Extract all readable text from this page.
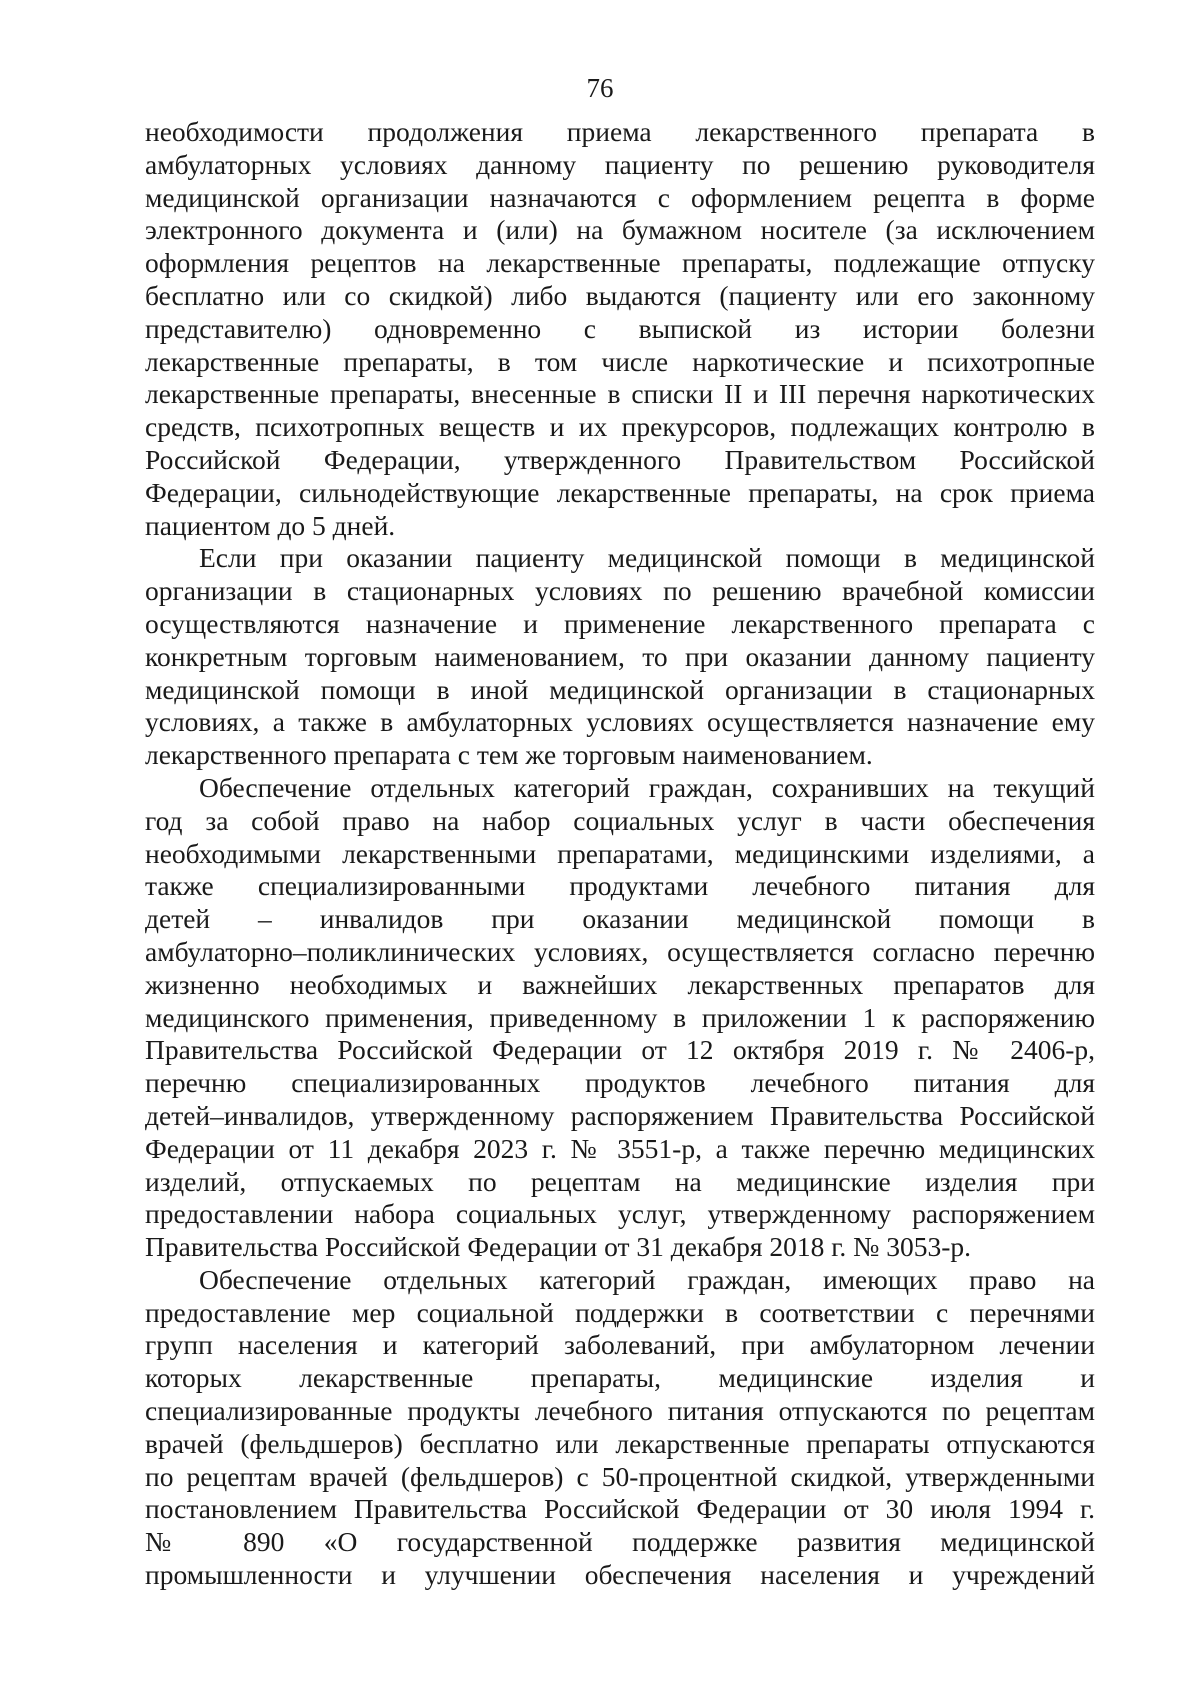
76
необходимости продолжения приема лекарственного препарата в
амбулаторных условиях данному пациенту по решению руководителя
медицинской организации назначаются с оформлением рецепта в форме
электронного документа и (или) на бумажном носителе (за исключением
оформления рецептов на лекарственные препараты, подлежащие отпуску
бесплатно или со скидкой) либо выдаются (пациенту или его законному
представителю) одновременно с выпиской из истории болезни
лекарственные препараты, в том числе наркотические и психотропные
лекарственные препараты, внесенные в списки II и III перечня наркотических
средств, психотропных веществ и их прекурсоров, подлежащих контролю в
Российской Федерации, утвержденного Правительством Российской
Федерации, сильнодействующие лекарственные препараты, на срок приема
пациентом до 5 дней.
Если при оказании пациенту медицинской помощи в медицинской
организации в стационарных условиях по решению врачебной комиссии
осуществляются назначение и применение лекарственного препарата с
конкретным торговым наименованием, то при оказании данному пациенту
медицинской помощи в иной медицинской организации в стационарных
условиях, а также в амбулаторных условиях осуществляется назначение ему
лекарственного препарата с тем же торговым наименованием.
Обеспечение отдельных категорий граждан, сохранивших на текущий
год за собой право на набор социальных услуг в части обеспечения
необходимыми лекарственными препаратами, медицинскими изделиями, а
также специализированными продуктами лечебного питания для
детей – инвалидов при оказании медицинской помощи в
амбулаторно–поликлинических условиях, осуществляется согласно перечню
жизненно необходимых и важнейших лекарственных препаратов для
медицинского применения, приведенному в приложении 1 к распоряжению
Правительства Российской Федерации от 12 октября 2019 г. № 2406-р,
перечню специализированных продуктов лечебного питания для
детей–инвалидов, утвержденному распоряжением Правительства Российской
Федерации от 11 декабря 2023 г. № 3551-р, а также перечню медицинских
изделий, отпускаемых по рецептам на медицинские изделия при
предоставлении набора социальных услуг, утвержденному распоряжением
Правительства Российской Федерации от 31 декабря 2018 г. № 3053-р.
Обеспечение отдельных категорий граждан, имеющих право на
предоставление мер социальной поддержки в соответствии с перечнями
групп населения и категорий заболеваний, при амбулаторном лечении
которых лекарственные препараты, медицинские изделия и
специализированные продукты лечебного питания отпускаются по рецептам
врачей (фельдшеров) бесплатно или лекарственные препараты отпускаются
по рецептам врачей (фельдшеров) с 50-процентной скидкой, утвержденными
постановлением Правительства Российской Федерации от 30 июля 1994 г.
№ 890 «О государственной поддержке развития медицинской
промышленности и улучшении обеспечения населения и учреждений
